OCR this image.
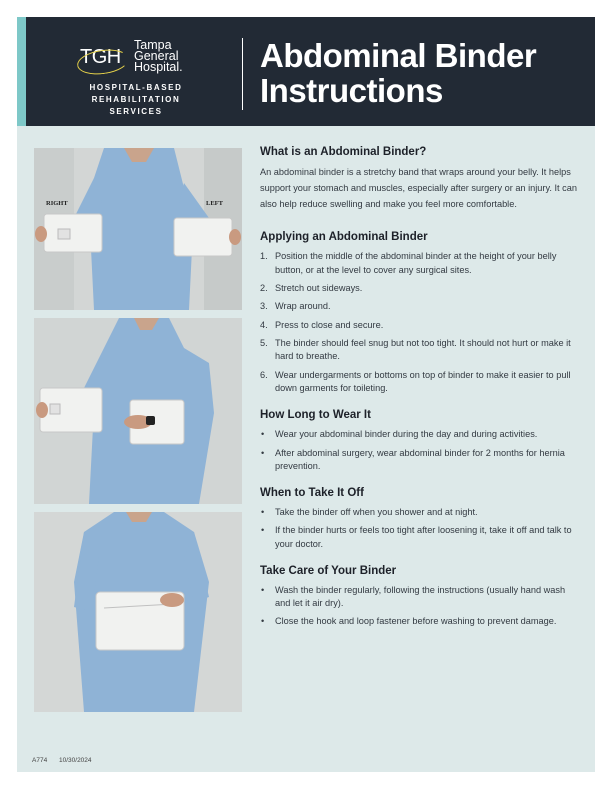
TGH
Tampa
General
Hospital.
HOSPITAL-BASED
REHABILITATION SERVICES
Abdominal Binder
Instructions
RIGHT	LEFT
What is an Abdominal Binder?

An abdominal binder is a stretchy band that wraps around your belly. It helps support your stomach and muscles, especially after surgery or an injury. It can also help reduce swelling and make you feel more comfortable.

Applying an Abdominal Binder
1. Position the middle of the abdominal binder at the height of your belly button, or at the level to cover any surgical sites.
2. Stretch out sideways.
3. Wrap around.
4. Press to close and secure.
5. The binder should feel snug but not too tight. It should not hurt or make it hard to breathe.
6. Wear undergarments or bottoms on top of binder to make it easier to pull down garments for toileting.
How Long to Wear It
• Wear your abdominal binder during the day and during activities.
• After abdominal surgery, wear abdominal binder for 2 months for hernia prevention.
When to Take It Off
• Take the binder off when you shower and at night.
• If the binder hurts or feels too tight after loosening it, take it off and talk to your doctor.
Take Care of Your Binder
• Wash the binder regularly, following the instructions (usually hand wash and let it air dry).
• Close the hook and loop fastener before washing to prevent damage.
A774 10/30/2024
